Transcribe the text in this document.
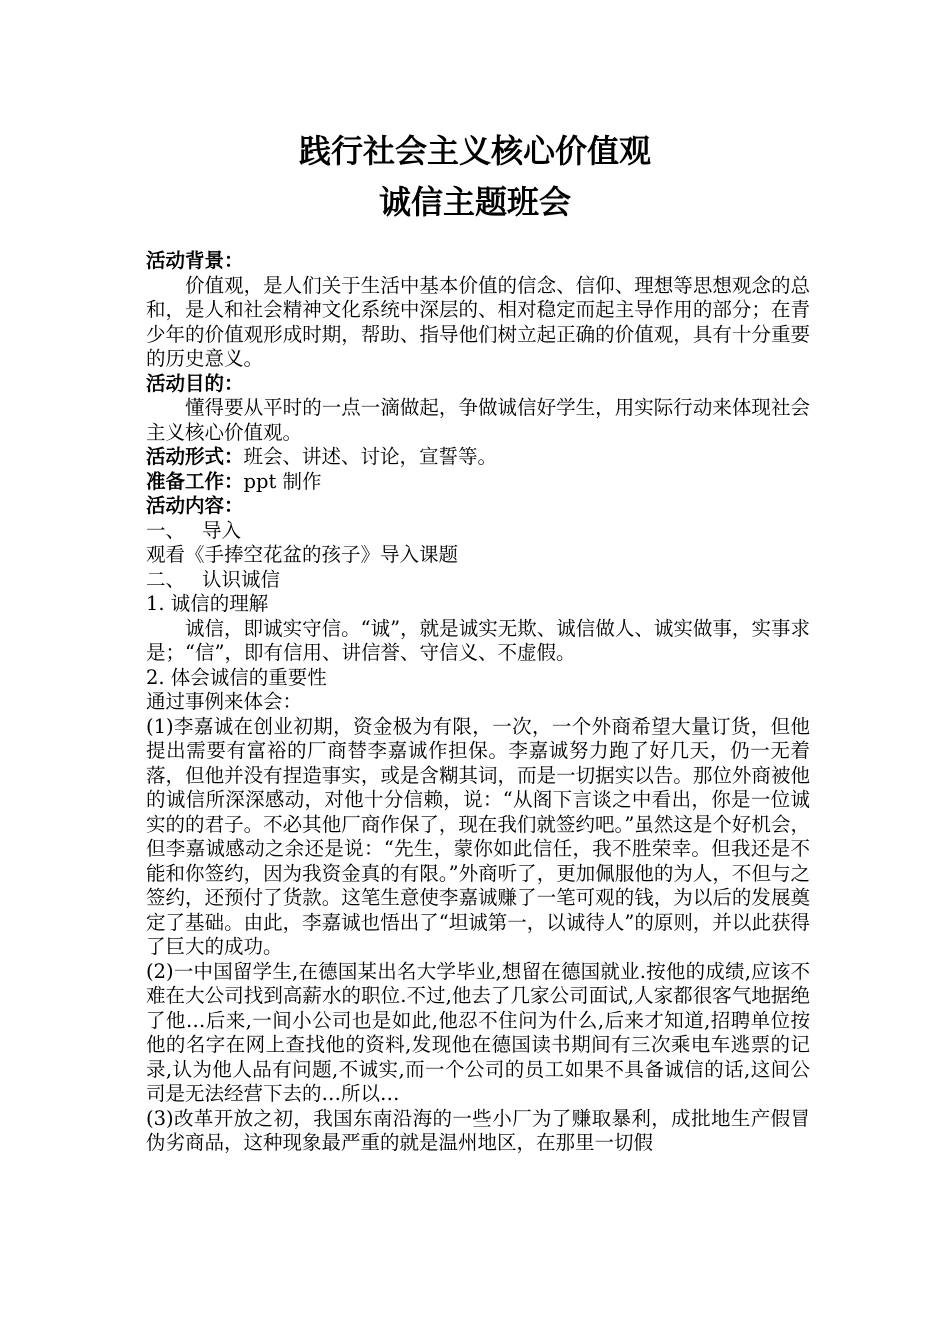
践行社会主义核心价值观
诚信主题班会

活动背景：

价值观，是人们关于生活中基本价值的信念、信仰、理想等思想观念的总和，是人和社会精神文化系统中深层的、相对稳定而起主导作用的部分；在青少年的价值观形成时期，帮助、指导他们树立起正确的价值观，具有十分重要的历史意义。

活动目的：

懂得要从平时的一点一滴做起，争做诚信好学生，用实际行动来体现社会主义核心价值观。

活动形式：班会、讲述、讨论，宣誓等。

准备工作：ppt 制作

活动内容：

一、 导入

观看《手捧空花盆的孩子》导入课题

二、 认识诚信

1. 诚信的理解

诚信，即诚实守信。“诚”，就是诚实无欺、诚信做人、诚实做事，实事求是；“信”，即有信用、讲信誉、守信义、不虚假。

2. 体会诚信的重要性

通过事例来体会：

(1)李嘉诚在创业初期，资金极为有限，一次，一个外商希望大量订货，但他提出需要有富裕的厂商替李嘉诚作担保。李嘉诚努力跑了好几天，仍一无着落，但他并没有捏造事实，或是含糊其词，而是一切据实以告。那位外商被他的诚信所深深感动，对他十分信赖，说：“从阁下言谈之中看出，你是一位诚实的的君子。不必其他厂商作保了，现在我们就签约吧。”虽然这是个好机会，但李嘉诚感动之余还是说：“先生，蒙你如此信任，我不胜荣幸。但我还是不能和你签约，因为我资金真的有限。”外商听了，更加佩服他的为人，不但与之签约，还预付了货款。这笔生意使李嘉诚赚了一笔可观的钱，为以后的发展奠定了基础。由此，李嘉诚也悟出了“坦诚第一，以诚待人”的原则，并以此获得了巨大的成功。

(2)一中国留学生,在德国某出名大学毕业,想留在德国就业.按他的成绩,应该不难在大公司找到高薪水的职位.不过,他去了几家公司面试,人家都很客气地据绝了他…后来,一间小公司也是如此,他忍不住问为什么,后来才知道,招聘单位按他的名字在网上查找他的资料,发现他在德国读书期间有三次乘电车逃票的记录,认为他人品有问题,不诚实,而一个公司的员工如果不具备诚信的话,这间公司是无法经营下去的…所以…

(3)改革开放之初，我国东南沿海的一些小厂为了赚取暴利，成批地生产假冒伪劣商品，这种现象最严重的就是温州地区，在那里一切假
